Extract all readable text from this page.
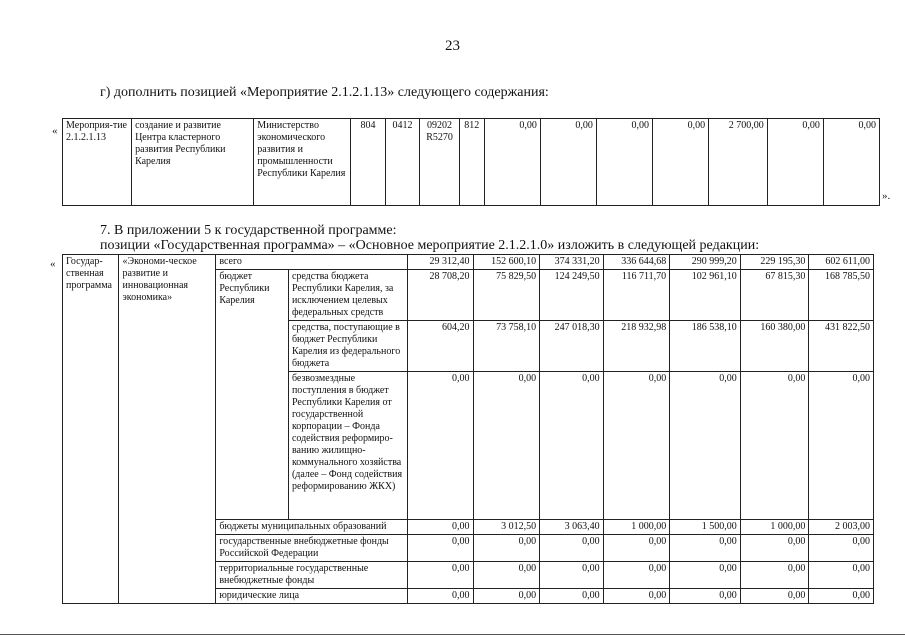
23
г) дополнить позицией «Мероприятие 2.1.2.1.13» следующего содержания:
« Мероприя-тие 2.1.2.1.13	создание и развитие Центра кластерного развития Республики Карелия	Министерство экономического развития и промышленности Республики Карелия	804	0412	09202 R5270	812	0,00	0,00	0,00	0,00	2 700,00	0,00	0,00
».
7. В приложении 5 к государственной программе:
позиции «Государственная программа» – «Основное мероприятие 2.1.2.1.0» изложить в следующей редакции:
« Государ-ственная программа	«Экономи-ческое развитие и инновационная экономика»	всего		29 312,40	152 600,10	374 331,20	336 644,68	290 999,20	229 195,30	602 611,00
		бюджет Республики Карелия	средства бюджета Республики Карелия, за исключением целевых федеральных средств	28 708,20	75 829,50	124 249,50	116 711,70	102 961,10	67 815,30	168 785,50
			средства, поступающие в бюджет Республики Карелия из федерального бюджета	604,20	73 758,10	247 018,30	218 932,98	186 538,10	160 380,00	431 822,50
			безвозмездные поступления в бюджет Республики Карелия от государственной корпорации – Фонда содействия реформиро-ванию жилищно-коммунального хозяйства (далее – Фонд содействия реформированию ЖКХ)	0,00	0,00	0,00	0,00	0,00	0,00	0,00
		бюджеты муниципальных образований		0,00	3 012,50	3 063,40	1 000,00	1 500,00	1 000,00	2 003,00
		государственные внебюджетные фонды Российской Федерации		0,00	0,00	0,00	0,00	0,00	0,00	0,00
		территориальные государственные внебюджетные фонды		0,00	0,00	0,00	0,00	0,00	0,00	0,00
		юридические лица		0,00	0,00	0,00	0,00	0,00	0,00	0,00
